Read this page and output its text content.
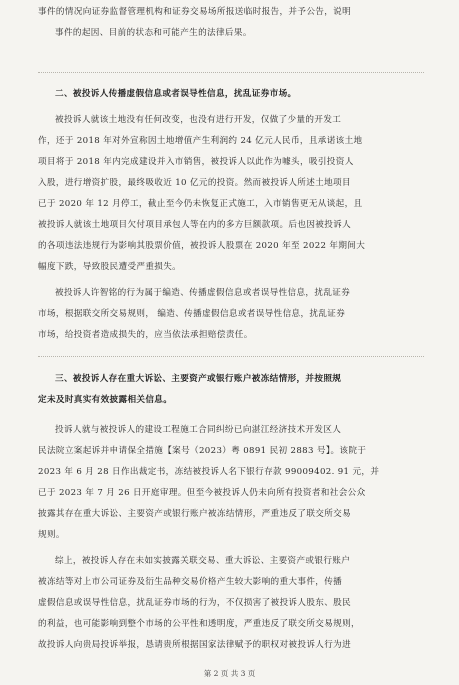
事件的情况向证券监督管理机构和证券交易场所报送临时报告，并予公告，说明
事件的起因、目前的状态和可能产生的法律后果。
二、被投诉人传播虚假信息或者误导性信息，扰乱证券市场。
被投诉人就该土地没有任何改变，也没有进行开发，仅做了少量的开发工
作，还于 2018 年对外宣称因土地增值产生利润约 24 亿元人民币，且承诺该土地
项目将于 2018 年内完成建设并入市销售，被投诉人以此作为噱头，吸引投资人
入股，进行增资扩股，最终吸收近 10 亿元的投资。然而被投诉人所述土地项目
已于 2020 年 12 月停工，截止至今仍未恢复正式施工，入市销售更无从谈起，且
被投诉人就该土地项目欠付项目承包人等在内的多方巨额款项。后也因被投诉人
的各项违法违规行为影响其股票价值，被投诉人股票在 2020 年至 2022 年期间大
幅度下跌，导致股民遭受严重损失。
被投诉人许智铭的行为属于编造、传播虚假信息或者误导性信息，扰乱证券
市场，根据联交所交易规则， 编造、传播虚假信息或者误导性信息，扰乱证券
市场，给投资者造成损失的，应当依法承担赔偿责任。
三、被投诉人存在重大诉讼、主要资产或银行账户被冻结情形，并按照规
定未及时真实有效披露相关信息。
投诉人就与被投诉人的建设工程施工合同纠纷已向湛江经济技术开发区人
民法院立案起诉并申请保全措施【案号（2023）粤 0891 民初 2883 号】。该院于
2023 年 6 月 28 日作出裁定书，冻结被投诉人名下银行存款 99009402. 91 元，并
已于 2023 年 7 月 26 日开庭审理。但至今被投诉人仍未向所有投资者和社会公众
披露其存在重大诉讼、主要资产或银行账户被冻结情形，严重违反了联交所交易
规则。
综上，被投诉人存在未如实披露关联交易、重大诉讼、主要资产或银行账户
被冻结等对上市公司证券及衍生品种交易价格产生较大影响的重大事件，传播
虚假信息或误导性信息，扰乱证券市场的行为，不仅损害了被投诉人股东、股民
的利益，也可能影响到整个市场的公平性和透明度，严重违反了联交所交易规则，
故投诉人向贵局投诉举报，恳请贵所根据国家法律赋予的职权对被投诉人行为进
第 2 页 共 3 页
